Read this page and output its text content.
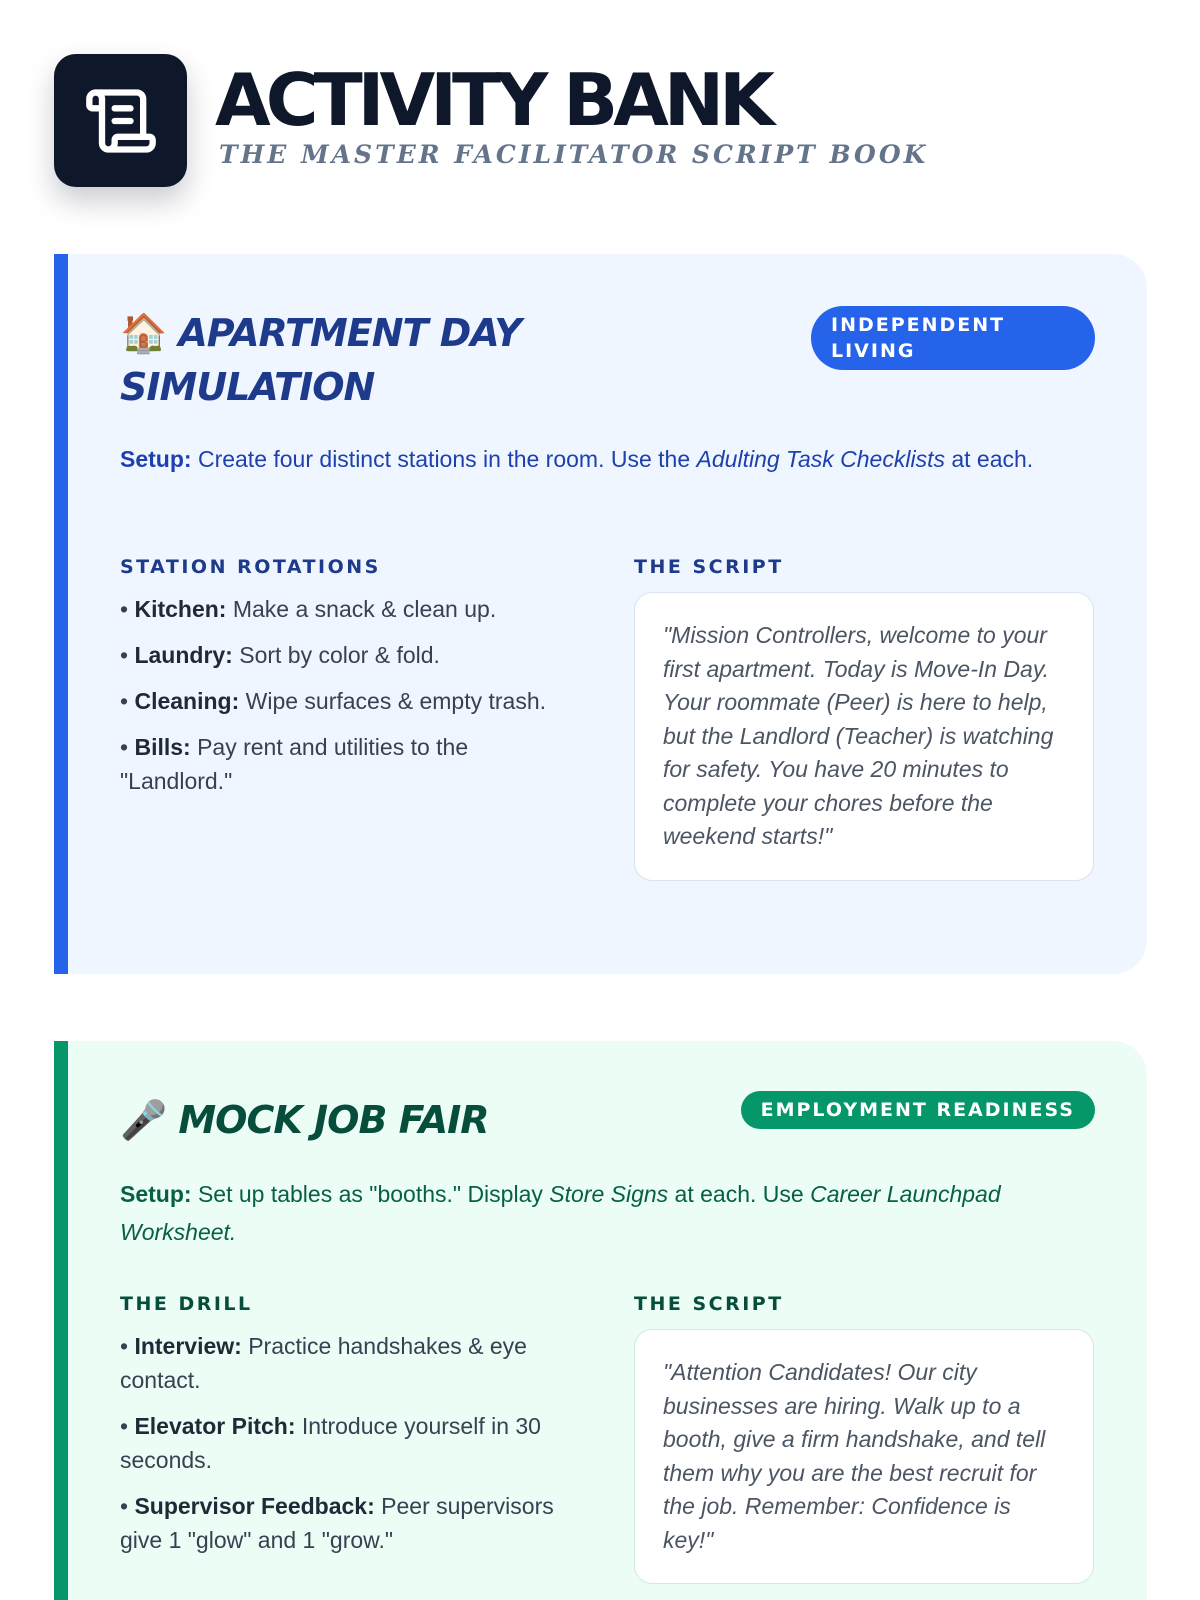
ACTIVITY BANK
THE MASTER FACILITATOR SCRIPT BOOK
🏠 APARTMENT DAY SIMULATION
INDEPENDENT LIVING
Setup: Create four distinct stations in the room. Use the Adulting Task Checklists at each.
STATION ROTATIONS
• Kitchen: Make a snack & clean up.
• Laundry: Sort by color & fold.
• Cleaning: Wipe surfaces & empty trash.
• Bills: Pay rent and utilities to the "Landlord."
THE SCRIPT
"Mission Controllers, welcome to your first apartment. Today is Move-In Day. Your roommate (Peer) is here to help, but the Landlord (Teacher) is watching for safety. You have 20 minutes to complete your chores before the weekend starts!"
🎤 MOCK JOB FAIR	EMPLOYMENT READINESS
Setup: Set up tables as "booths." Display Store Signs at each. Use Career Launchpad Worksheet.
THE DRILL
• Interview: Practice handshakes & eye contact.
• Elevator Pitch: Introduce yourself in 30 seconds.
• Supervisor Feedback: Peer supervisors give 1 "glow" and 1 "grow."
THE SCRIPT
"Attention Candidates! Our city businesses are hiring. Walk up to a booth, give a firm handshake, and tell them why you are the best recruit for the job. Remember: Confidence is key!"
